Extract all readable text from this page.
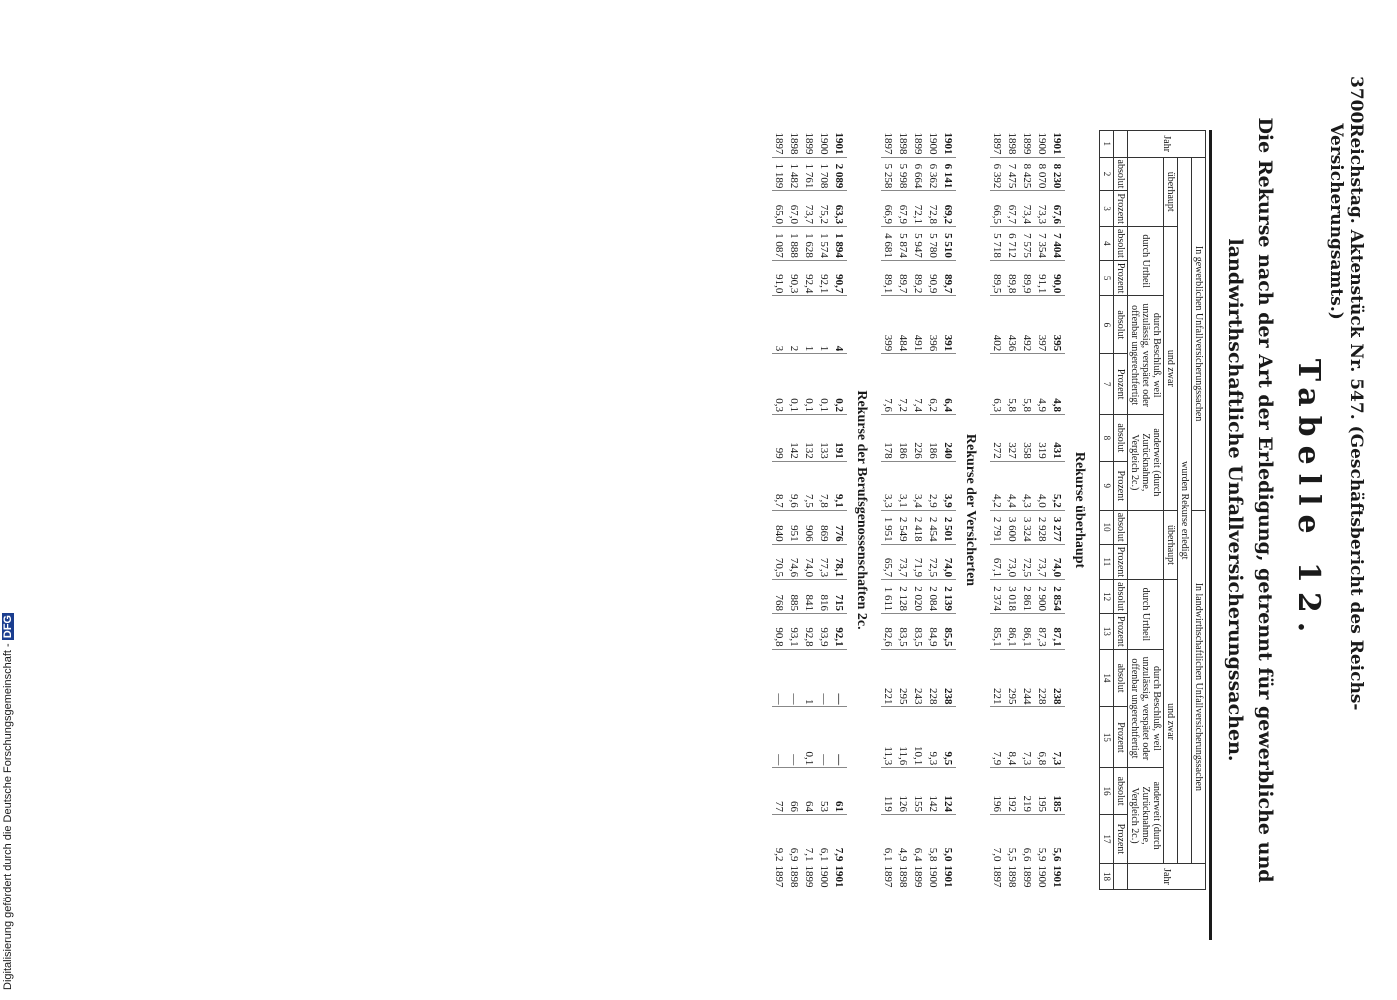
3700
Reichstag. Aktenstück Nr. 547. (Geschäftsbericht des Reichs-Versicherungsamts.)
Tabelle 12.
Die Rekurse nach der Art der Erledigung, getrennt für gewerbliche und landwirthschaftliche Unfallversicherungssachen.
Jahr	In gewerblichen Unfallversicherungssachen								In landwirthschaftlichen Unfallversicherungssachen								Jahr
	wurden Rekurse erledigt																
	überhaupt		und zwar						überhaupt		und zwar						
			durch Urtheil		durch Beschluß, weil unzulässig, verspätet oder offenbar ungerechtfertigt		anderweit (durch Zurücknahme, Vergleich 2c.)				durch Urtheil		durch Beschluß, weil unzulässig, verspätet oder offenbar ungerechtfertigt		anderweit (durch Zurücknahme, Vergleich 2c.)		
	absolut	Prozent	absolut	Prozent	absolut	Prozent	absolut	Prozent	absolut	Prozent	absolut	Prozent	absolut	Prozent	absolut	Prozent	
1	2	3	4	5	6	7	8	9	10	11	12	13	14	15	16	17	18
Rekurse überhaupt																	
1901	8 230	67,6	7 404	90,0	395	4,8	431	5,2	3 277	74,0	2 854	87,1	238	7,3	185	5,6	1901
1900	8 070	73,3	7 354	91,1	397	4,9	319	4,0	2 928	73,7	2 900	87,3	228	6,8	195	5,9	1900
1899	8 425	73,4	7 575	89,9	492	5,8	358	4,3	3 324	72,5	2 861	86,1	244	7,3	219	6,6	1899
1898	7 475	67,7	6 712	89,8	436	5,8	327	4,4	3 600	73,0	3 018	86,1	295	8,4	192	5,5	1898
1897	6 392	66,5	5 718	89,5	402	6,3	272	4,2	2 791	67,1	2 374	85,1	221	7,9	196	7,0	1897
Rekurse der Versicherten																	
1901	6 141	69,2	5 510	89,7	391	6,4	240	3,9	2 501	74,0	2 139	85,5	238	9,5	124	5,0	1901
1900	6 362	72,8	5 780	90,9	396	6,2	186	2,9	2 454	72,5	2 084	84,9	228	9,3	142	5,8	1900
1899	6 664	72,1	5 947	89,2	491	7,4	226	3,4	2 418	71,9	2 020	83,5	243	10,1	155	6,4	1899
1898	5 998	67,9	5 874	89,7	484	7,2	186	3,1	2 549	73,7	2 128	83,5	295	11,6	126	4,9	1898
1897	5 258	66,9	4 681	89,1	399	7,6	178	3,3	1 951	65,7	1 611	82,6	221	11,3	119	6,1	1897
Rekurse der Berufsgenossenschaften 2c.																	
1901	2 089	63,3	1 894	90,7	4	0,2	191	9,1	776	78,1	715	92,1	—	—	61	7,9	1901
1900	1 708	75,2	1 574	92,1	1	0,1	133	7,8	869	77,3	816	93,9	—	—	53	6,1	1900
1899	1 761	73,7	1 628	92,4	1	0,1	132	7,5	906	74,0	841	92,8	1	0,1	64	7,1	1899
1898	1 482	67,0	1 888	90,3	2	0,1	142	9,6	951	74,6	885	93,1	—	—	66	6,9	1898
1897	1 189	65,0	1 087	91,0	3	0,3	99	8,7	840	70,5	768	90,8	—	—	77	9,2	1897
Digitalisierung gefördert durch die Deutsche Forschungsgemeinschaft - DFG
